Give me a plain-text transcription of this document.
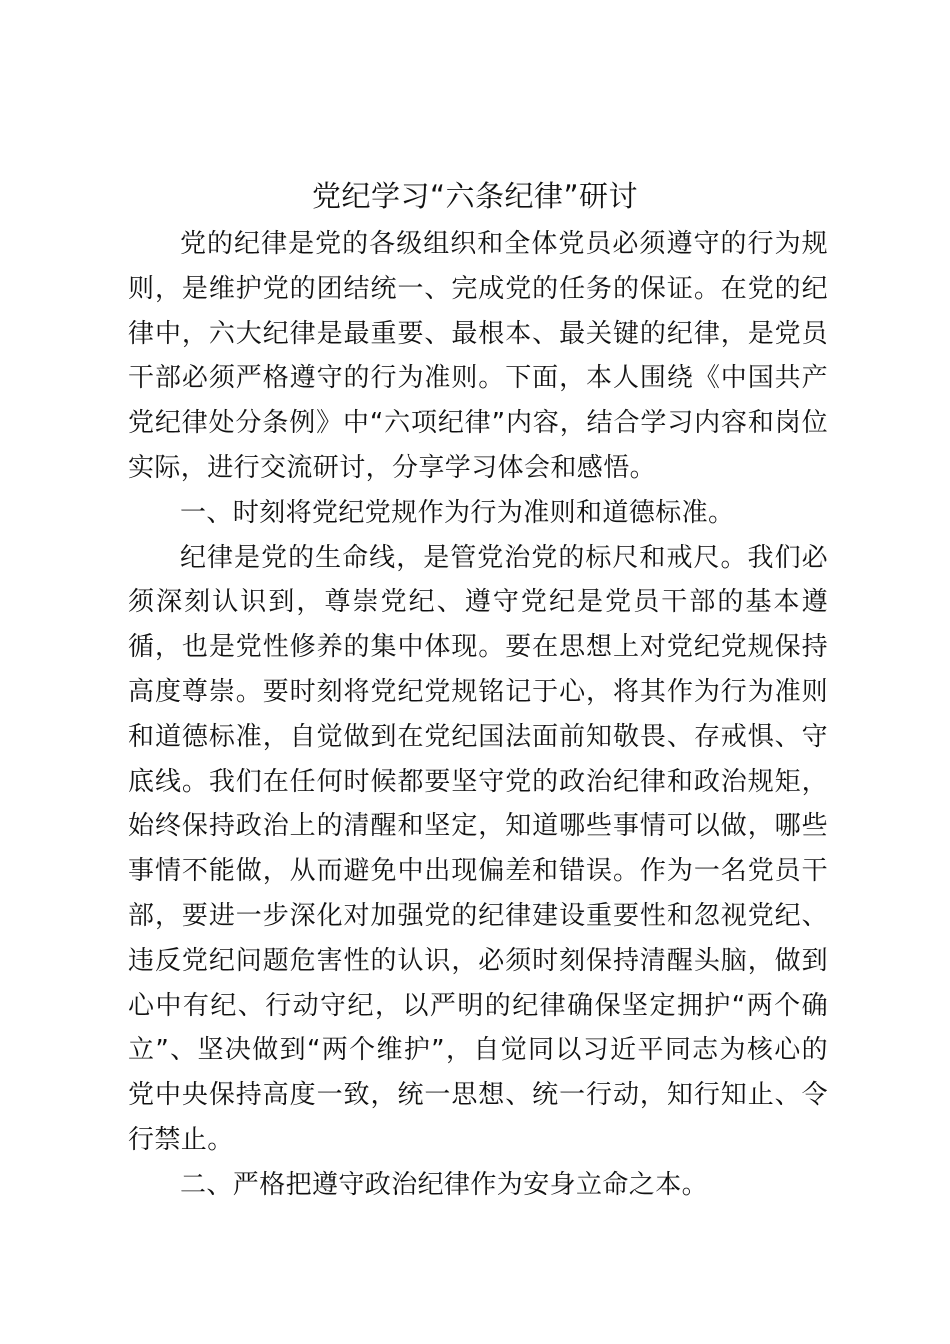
党纪学习“六条纪律”研讨

党的纪律是党的各级组织和全体党员必须遵守的行为规则，是维护党的团结统一、完成党的任务的保证。在党的纪律中，六大纪律是最重要、最根本、最关键的纪律，是党员干部必须严格遵守的行为准则。下面，本人围绕《中国共产党纪律处分条例》中“六项纪律”内容，结合学习内容和岗位实际，进行交流研讨，分享学习体会和感悟。

一、时刻将党纪党规作为行为准则和道德标准。

纪律是党的生命线，是管党治党的标尺和戒尺。我们必须深刻认识到，尊崇党纪、遵守党纪是党员干部的基本遵循，也是党性修养的集中体现。要在思想上对党纪党规保持高度尊崇。要时刻将党纪党规铭记于心，将其作为行为准则和道德标准，自觉做到在党纪国法面前知敬畏、存戒惧、守底线。我们在任何时候都要坚守党的政治纪律和政治规矩，始终保持政治上的清醒和坚定，知道哪些事情可以做，哪些事情不能做，从而避免中出现偏差和错误。作为一名党员干部，要进一步深化对加强党的纪律建设重要性和忽视党纪、违反党纪问题危害性的认识，必须时刻保持清醒头脑，做到心中有纪、行动守纪，以严明的纪律确保坚定拥护“两个确立”、坚决做到“两个维护”，自觉同以习近平同志为核心的党中央保持高度一致，统一思想、统一行动，知行知止、令行禁止。

二、严格把遵守政治纪律作为安身立命之本。
